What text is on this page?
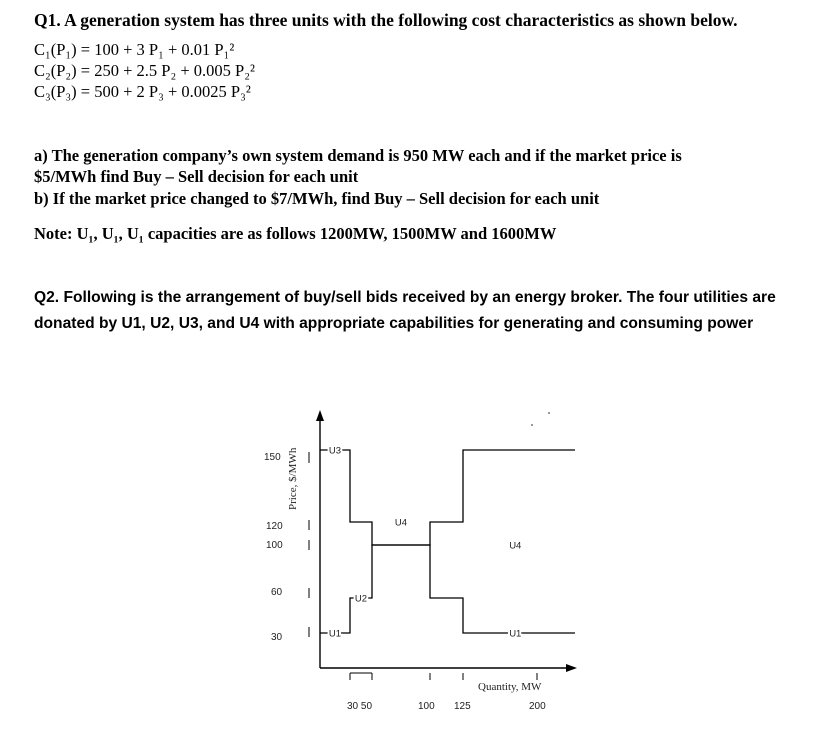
Q1. A generation system has three units with the following cost characteristics as shown below.
C₁(P₁) = 100 + 3 P₁ + 0.01 P₁²
C₂(P₂) = 250 + 2.5 P₂ + 0.005 P₂²
C₃(P₃) = 500 + 2 P₃ + 0.0025 P₃²
a) The generation company’s own system demand is 950 MW each and if the market price is
$5/MWh find Buy – Sell decision for each unit
b) If the market price changed to $7/MWh, find Buy – Sell decision for each unit
Note: U₁, U₁, U₁ capacities are as follows 1200MW, 1500MW and 1600MW
Q2. Following is the arrangement of buy/sell bids received by an energy broker. The four utilities are
donated by U1, U2, U3, and U4 with appropriate capabilities for generating and consuming power
150
120
100
60
30
30 50	100 125	200
Price, $/MWh
Quantity, MW
U3
U4
U4
U2
U1	U1
